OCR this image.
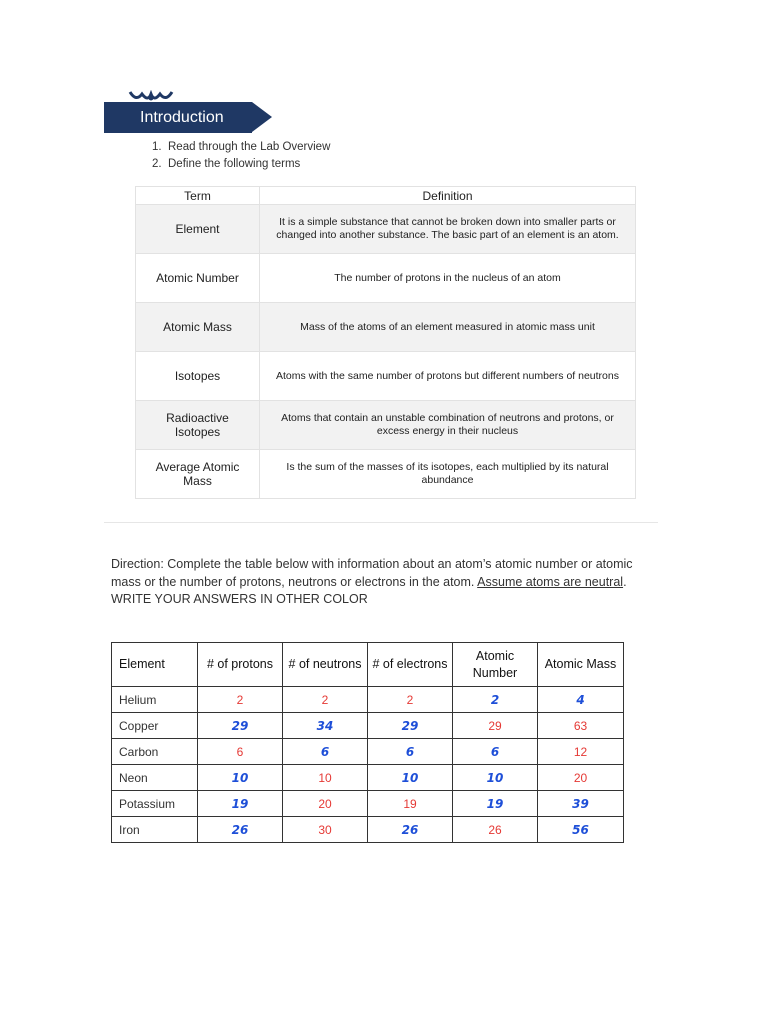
Introduction
1. Read through the Lab Overview
2. Define the following terms
Term	Definition
Element	It is a simple substance that cannot be broken down into smaller parts or changed into another substance. The basic part of an element is an atom.
Atomic Number	The number of protons in the nucleus of an atom
Atomic Mass	Mass of the atoms of an element measured in atomic mass unit
Isotopes	Atoms with the same number of protons but different numbers of neutrons
Radioactive Isotopes	Atoms that contain an unstable combination of neutrons and protons, or excess energy in their nucleus
Average Atomic Mass	Is the sum of the masses of its isotopes, each multiplied by its natural abundance
Direction: Complete the table below with information about an atom’s atomic number or atomic mass or the number of protons, neutrons or electrons in the atom. Assume atoms are neutral.
WRITE YOUR ANSWERS IN OTHER COLOR
Element	# of protons	# of neutrons	# of electrons	Atomic Number	Atomic Mass
Helium	2	2	2	2	4
Copper	29	34	29	29	63
Carbon	6	6	6	6	12
Neon	10	10	10	10	20
Potassium	19	20	19	19	39
Iron	26	30	26	26	56
